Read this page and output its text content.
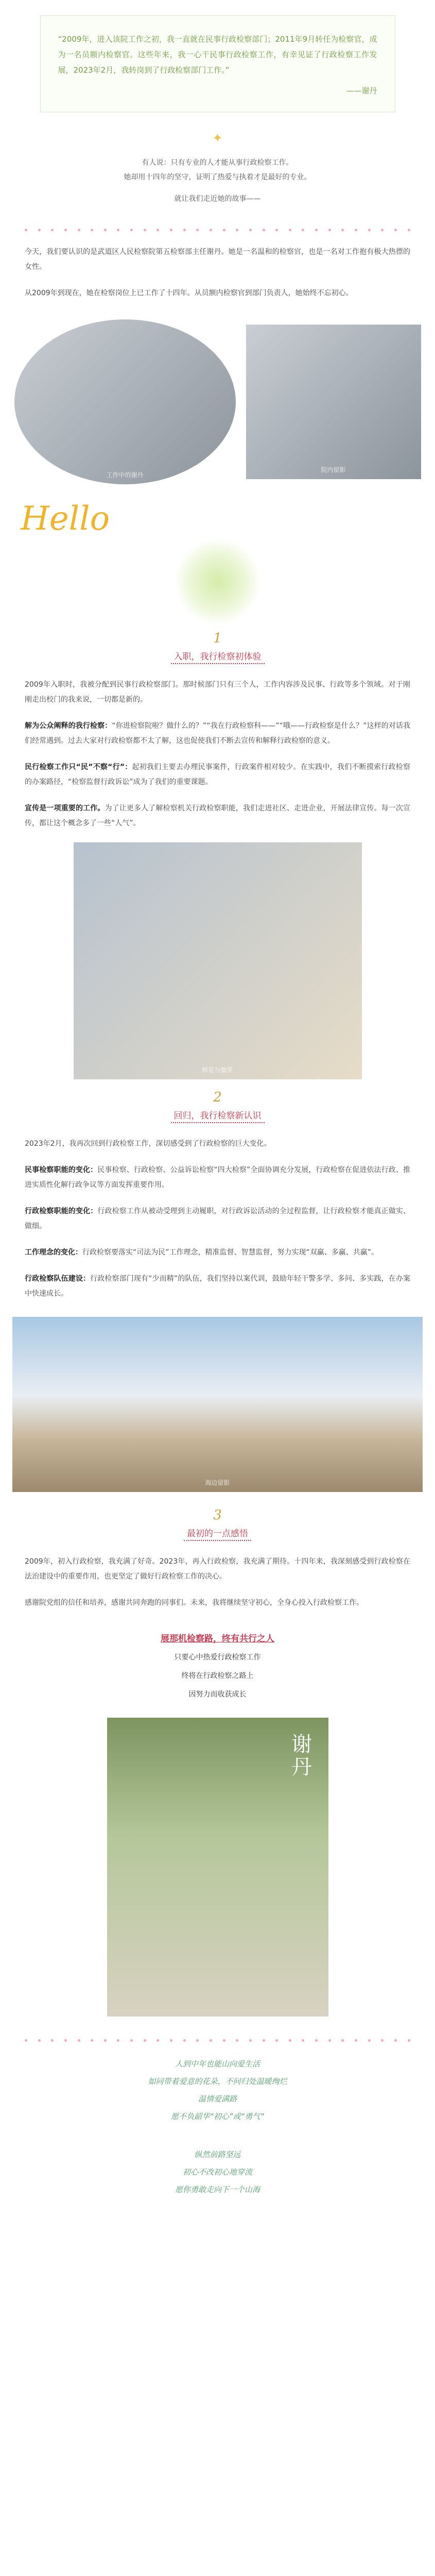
“2009年，进入该院工作之初，我一直就在民事行政检察部门；2011年9月转任为检察官，成为一名员额内检察官。这些年来，我一心干民事行政检察工作，有幸见证了行政检察工作发展，2023年2月，我转岗到了行政检察部门工作。”

——谢丹

✦

有人说：只有专业的人才能从事行政检察工作。

她却用十四年的坚守，证明了热爱与执着才是最好的专业。

就让我们走近她的故事——

今天，我们要认识的是武道区人民检察院第五检察部主任谢丹。她是一名温和的检察官，也是一名对工作抱有极大热徱的女性。

从2009年到现在，她在检察岗位上已工作了十四年。从员额内检察官到部门负责人，她始终不忘初心。

工作中的谢丹
院内留影
Hello
1
入职，我行检察初体验

2009年入职时，我被分配到民事行政检察部门。那时候部门只有三个人，工作内容涉及民事、行政等多个领域。对于刚刚走出校门的我来说，一切都是新的。

解为公众阐释的我行检察：“你进检察院啦？做什么的？”“我在行政检察科——”“哦——行政检察是什么？”这样的对话我们经常遇到。过去大家对行政检察都不太了解，这也促使我们不断去宣传和解释行政检察的意义。

民行检察工作只“民”不察“行”：起初我们主要去办理民事案件，行政案件相对较少。在实践中，我们不断摸索行政检察的办案路径，“检察监督行政诉讼”成为了我们的重要课题。

宣传是一项重要的工作。为了让更多人了解检察机关行政检察职能，我们走进社区、走进企业，开展法律宣传。每一次宣传，都让这个概念多了一些“人气”。

鲜花与微笑
2
回归，我行检察新认识

2023年2月，我再次回到行政检察工作，深切感受到了行政检察的巨大变化。

民事检察职能的变化：民事检察、行政检察、公益诉讼检察“四大检察”全面协调充分发展，行政检察在促进依法行政、推进实质性化解行政争议等方面发挥重要作用。

行政检察职能的变化：行政检察工作从被动受理到主动履职，对行政诉讼活动的全过程监督，让行政检察才能真正做实、做细。

工作理念的变化：行政检察要落实“司法为民”工作理念，精准监督、智慧监督，努力实现“双赢、多赢、共赢”。

行政检察队伍建设：行政检察部门现有“少而精”的队伍，我们坚持以案代训，鼓励年轻干警多学、多问、多实践，在办案中快速成长。

海边留影
3
最初的一点感悟

2009年，初入行政检察，我充满了好奇。2023年，再入行政检察，我充满了期待。十四年来，我深刻感受到行政检察在法治建设中的重要作用，也更坚定了做好行政检察工作的决心。

感谢院党组的信任和培养，感谢共同奔跑的同事们。未来，我将继续坚守初心，全身心投入行政检察工作。

展那机检察路，终有共行之人

只要心中热爱行政检察工作

终将在行政检察之路上

因努力而收获成长

谢丹

人到中年也能山向爱生活

如同带着爱意的花朵，不问归处温暖绚烂

温情爱满路

愿不负韶华“初心”或“勇气”

纵然前路坚远

初心不改初心地穿流

愿你勇敢走向下一个山海
